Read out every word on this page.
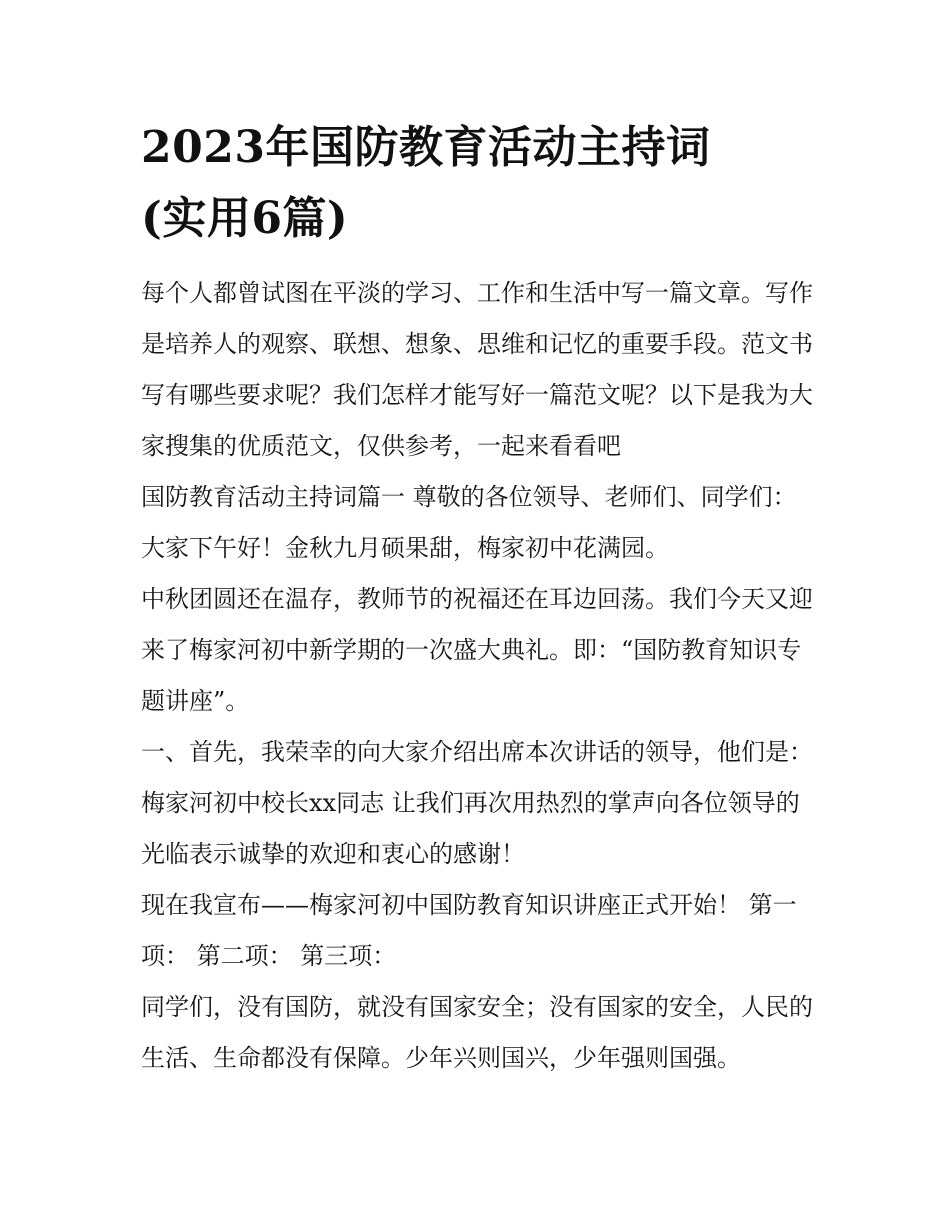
2023年国防教育活动主持词
(实用6篇)

每个人都曾试图在平淡的学习、工作和生活中写一篇文章。写作是培养人的观察、联想、想象、思维和记忆的重要手段。范文书写有哪些要求呢？我们怎样才能写好一篇范文呢？以下是我为大家搜集的优质范文，仅供参考，一起来看看吧

国防教育活动主持词篇一 尊敬的各位领导、老师们、同学们： 大家下午好！金秋九月硕果甜，梅家初中花满园。

中秋团圆还在温存，教师节的祝福还在耳边回荡。我们今天又迎来了梅家河初中新学期的一次盛大典礼。即：“国防教育知识专题讲座”。

一、首先，我荣幸的向大家介绍出席本次讲话的领导，他们是： 梅家河初中校长xx同志 让我们再次用热烈的掌声向各位领导的光临表示诚挚的欢迎和衷心的感谢！

现在我宣布——梅家河初中国防教育知识讲座正式开始！ 第一项： 第二项： 第三项：

同学们，没有国防，就没有国家安全；没有国家的安全，人民的生活、生命都没有保障。少年兴则国兴，少年强则国强。
